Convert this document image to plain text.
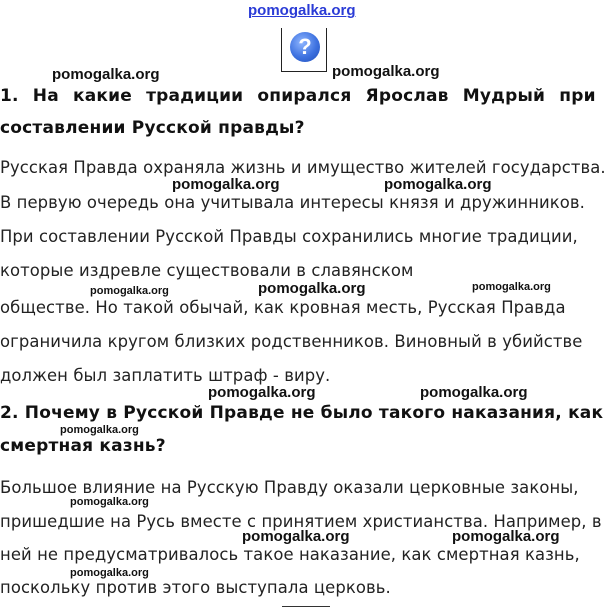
pomogalka.org
?
pomogalka.org	pomogalka.org
1. На какие традиции опирался Ярослав Мудрый при
составлении Русской правды?
Русская Правда охраняла жизнь и имущество жителей государства.
pomogalka.org	pomogalka.org
В первую очередь она учитывала интересы князя и дружинников.
При составлении Русской Правды сохранились многие традиции,
которые издревле существовали в славянском
pomogalka.org	pomogalka.org	pomogalka.org
обществе. Но такой обычай, как кровная месть, Русская Правда
ограничила кругом близких родственников. Виновный в убийстве
должен был заплатить штраф - виру.
pomogalka.org	pomogalka.org
2. Почему в Русской Правде не было такого наказания, как
pomogalka.org
смертная казнь?
Большое влияние на Русскую Правду оказали церковные законы,
pomogalka.org
пришедшие на Русь вместе с принятием христианства. Например, в
pomogalka.org	pomogalka.org
ней не предусматривалось такое наказание, как смертная казнь,
pomogalka.org
поскольку против этого выступала церковь.
